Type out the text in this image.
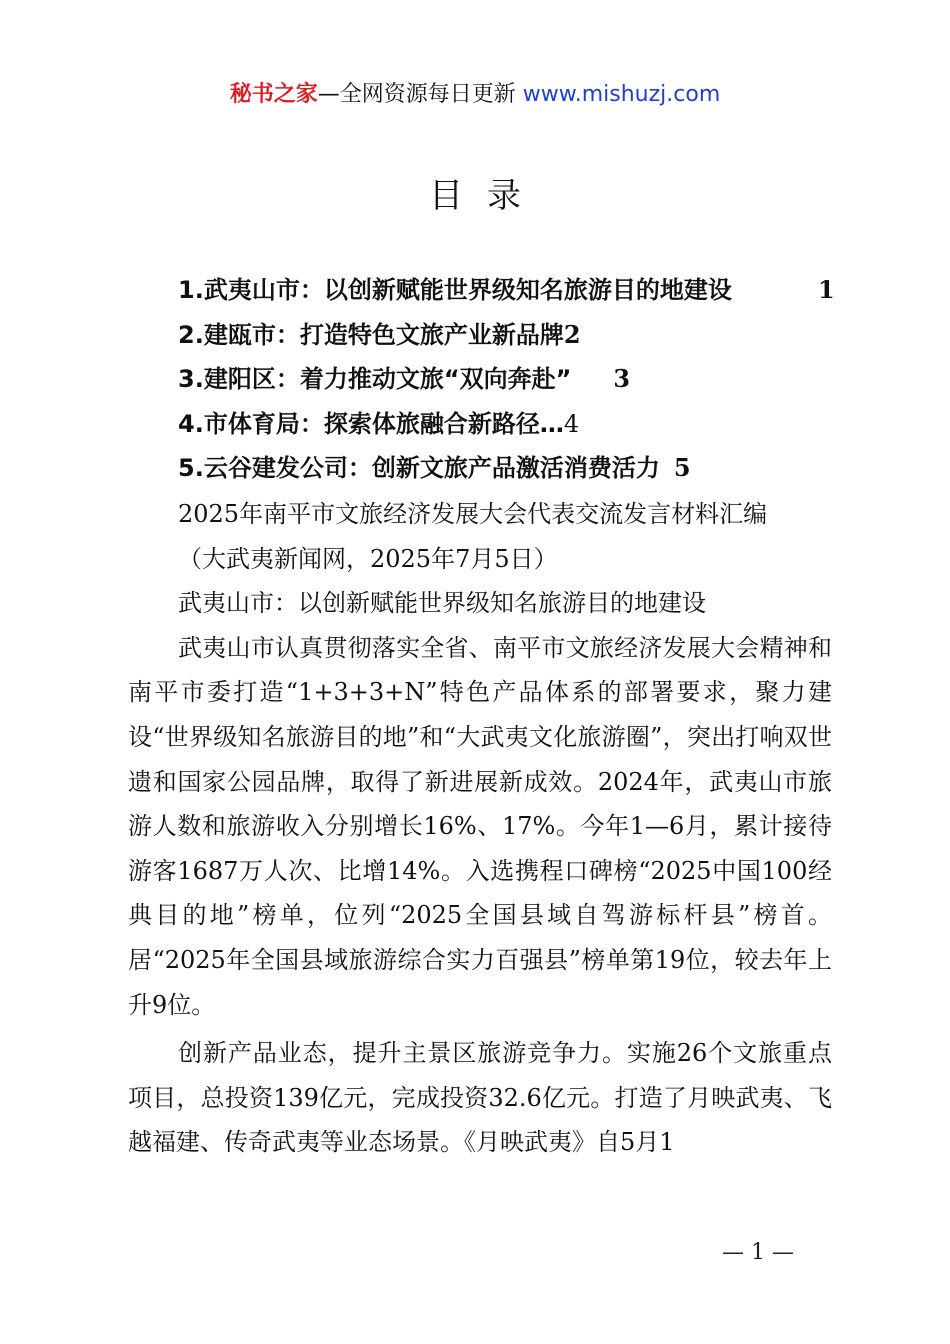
秘书之家—全网资源每日更新 www.mishuzj.com
目录
1.武夷山市：以创新赋能世界级知名旅游目的地建设	1
2.建瓯市：打造特色文旅产业新品牌2
3.建阳区：着力推动文旅“双向奔赴” 3
4.市体育局：探索体旅融合新路径…4
5.云谷建发公司：创新文旅产品激活消费活力 5

2025年南平市文旅经济发展大会代表交流发言材料汇编

（大武夷新闻网，2025年7月5日）

武夷山市：以创新赋能世界级知名旅游目的地建设

武夷山市认真贯彻落实全省、南平市文旅经济发展大会精神和南平市委打造“1+3+3+N”特色产品体系的部署要求，聚力建设“世界级知名旅游目的地”和“大武夷文化旅游圈”，突出打响双世遗和国家公园品牌，取得了新进展新成效。2024年，武夷山市旅游人数和旅游收入分别增长16%、17%。今年1—6月，累计接待游客1687万人次、比增14%。入选携程口碑榜“2025中国100经典目的地”榜单，位列“2025全国县域自驾游标杆县”榜首。居“2025年全国县域旅游综合实力百强县”榜单第19位，较去年上升9位。

创新产品业态，提升主景区旅游竞争力。实施26个文旅重点项目，总投资139亿元，完成投资32.6亿元。打造了月映武夷、飞越福建、传奇武夷等业态场景。《月映武夷》自5月1

— 1 —
